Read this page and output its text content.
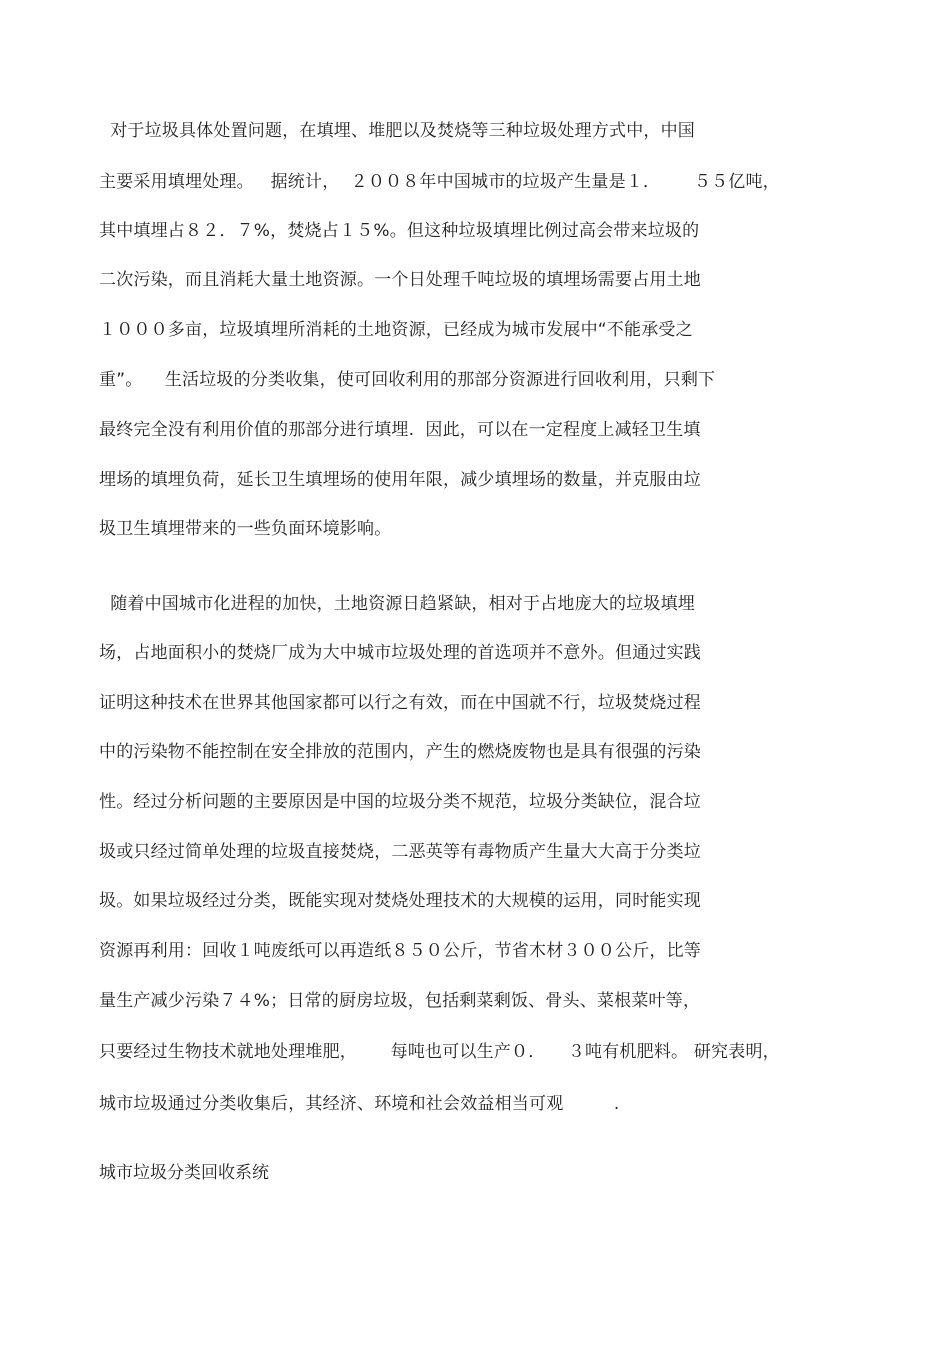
对于垃圾具体处置问题，在填埋、堆肥以及焚烧等三种垃圾处理方式中，中国
主要采用填埋处理。   据统计，  ２００８年中国城市的垃圾产生量是１．      ５５亿吨，
其中填埋占８２．７%，焚烧占１５%。但这种垃圾填埋比例过高会带来垃圾的
二次污染，而且消耗大量土地资源。一个日处理千吨垃圾的填埋场需要占用土地
１０００多亩，垃圾填埋所消耗的土地资源，已经成为城市发展中“不能承受之
重”。    生活垃圾的分类收集，使可回收利用的那部分资源进行回收利用，只剩下
最终完全没有利用价值的那部分进行填埋.  因此，可以在一定程度上减轻卫生填
埋场的填埋负荷，延长卫生填埋场的使用年限，减少填埋场的数量，并克服由垃
圾卫生填埋带来的一些负面环境影响。
随着中国城市化进程的加快，土地资源日趋紧缺，相对于占地庞大的垃圾填埋
场，占地面积小的焚烧厂成为大中城市垃圾处理的首选项并不意外。但通过实践
证明这种技术在世界其他国家都可以行之有效，而在中国就不行，垃圾焚烧过程
中的污染物不能控制在安全排放的范围内，产生的燃烧废物也是具有很强的污染
性。经过分析问题的主要原因是中国的垃圾分类不规范，垃圾分类缺位，混合垃
圾或只经过简单处理的垃圾直接焚烧，二恶英等有毒物质产生量大大高于分类垃
圾。如果垃圾经过分类，既能实现对焚烧处理技术的大规模的运用，同时能实现
资源再利用：回收１吨废纸可以再造纸８５０公斤，节省木材３００公斤，比等
量生产减少污染７４%；日常的厨房垃圾，包括剩菜剩饭、骨头、菜根菜叶等，
只要经过生物技术就地处理堆肥，      每吨也可以生产０．    ３吨有机肥料。 研究表明，
城市垃圾通过分类收集后，其经济、环境和社会效益相当可观         .
城市垃圾分类回收系统
